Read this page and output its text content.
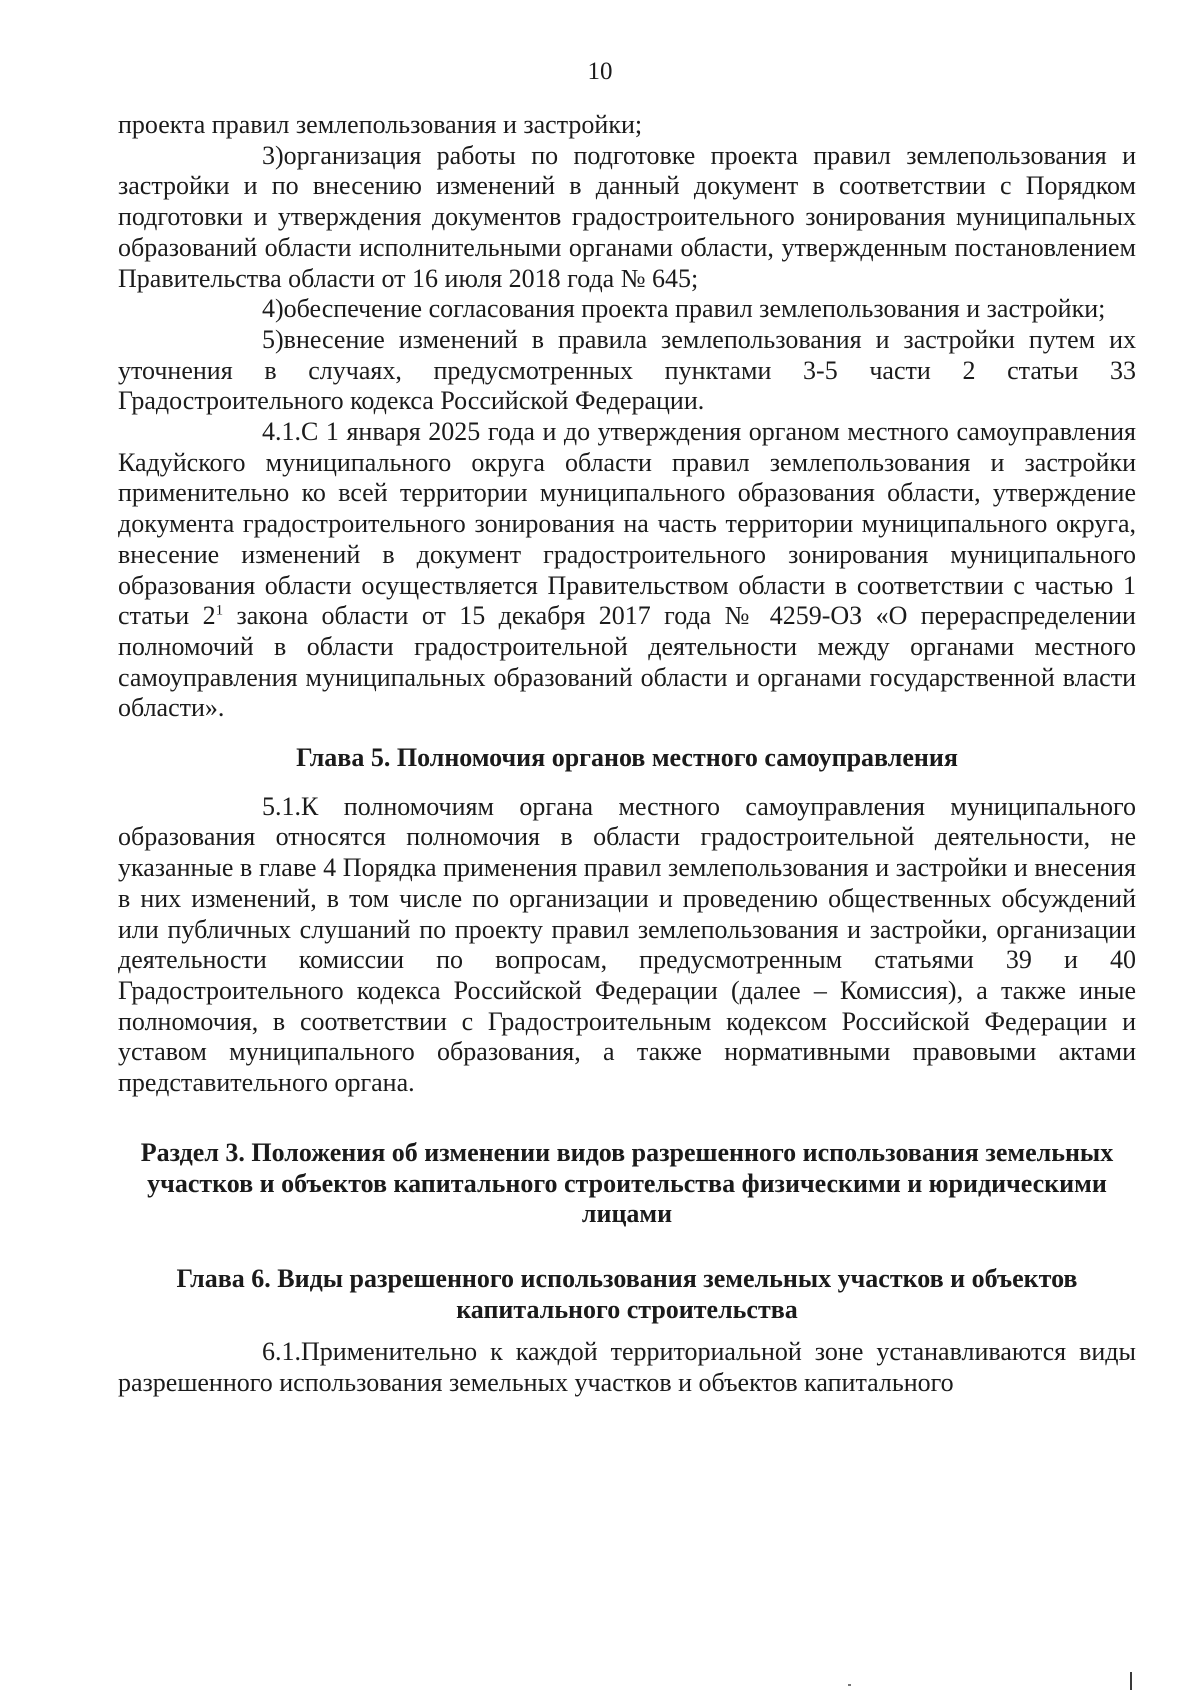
10

проекта правил землепользования и застройки;

3)организация работы по подготовке проекта правил землепользования и застройки и по внесению изменений в данный документ в соответствии с Порядком подготовки и утверждения документов градостроительного зонирования муниципальных образований области исполнительными органами области, утвержденным постановлением Правительства области от 16 июля 2018 года № 645;

4)обеспечение согласования проекта правил землепользования и застройки;

5)внесение изменений в правила землепользования и застройки путем их уточнения в случаях, предусмотренных пунктами 3-5 части 2 статьи 33 Градостроительного кодекса Российской Федерации.

4.1.С 1 января 2025 года и до утверждения органом местного самоуправления Кадуйского муниципального округа области правил землепользования и застройки применительно ко всей территории муниципального образования области, утверждение документа градостроительного зонирования на часть территории муниципального округа, внесение изменений в документ градостроительного зонирования муниципального образования области осуществляется Правительством области в соответствии с частью 1 статьи $2^1$ закона области от 15 декабря 2017 года № 4259-ОЗ «О перераспределении полномочий в области градостроительной деятельности между органами местного самоуправления муниципальных образований области и органами государственной власти области».

Глава 5. Полномочия органов местного самоуправления

5.1.К полномочиям органа местного самоуправления муниципального образования относятся полномочия в области градостроительной деятельности, не указанные в главе 4 Порядка применения правил землепользования и застройки и внесения в них изменений, в том числе по организации и проведению общественных обсуждений или публичных слушаний по проекту правил землепользования и застройки, организации деятельности комиссии по вопросам, предусмотренным статьями 39 и 40 Градостроительного кодекса Российской Федерации (далее – Комиссия), а также иные полномочия, в соответствии с Градостроительным кодексом Российской Федерации и уставом муниципального образования, а также нормативными правовыми актами представительного органа.

Раздел 3. Положения об изменении видов разрешенного использования земельных участков и объектов капитального строительства физическими и юридическими лицами
Глава 6. Виды разрешенного использования земельных участков и объектов капитального строительства

6.1.Применительно к каждой территориальной зоне устанавливаются виды разрешенного использования земельных участков и объектов капитального
